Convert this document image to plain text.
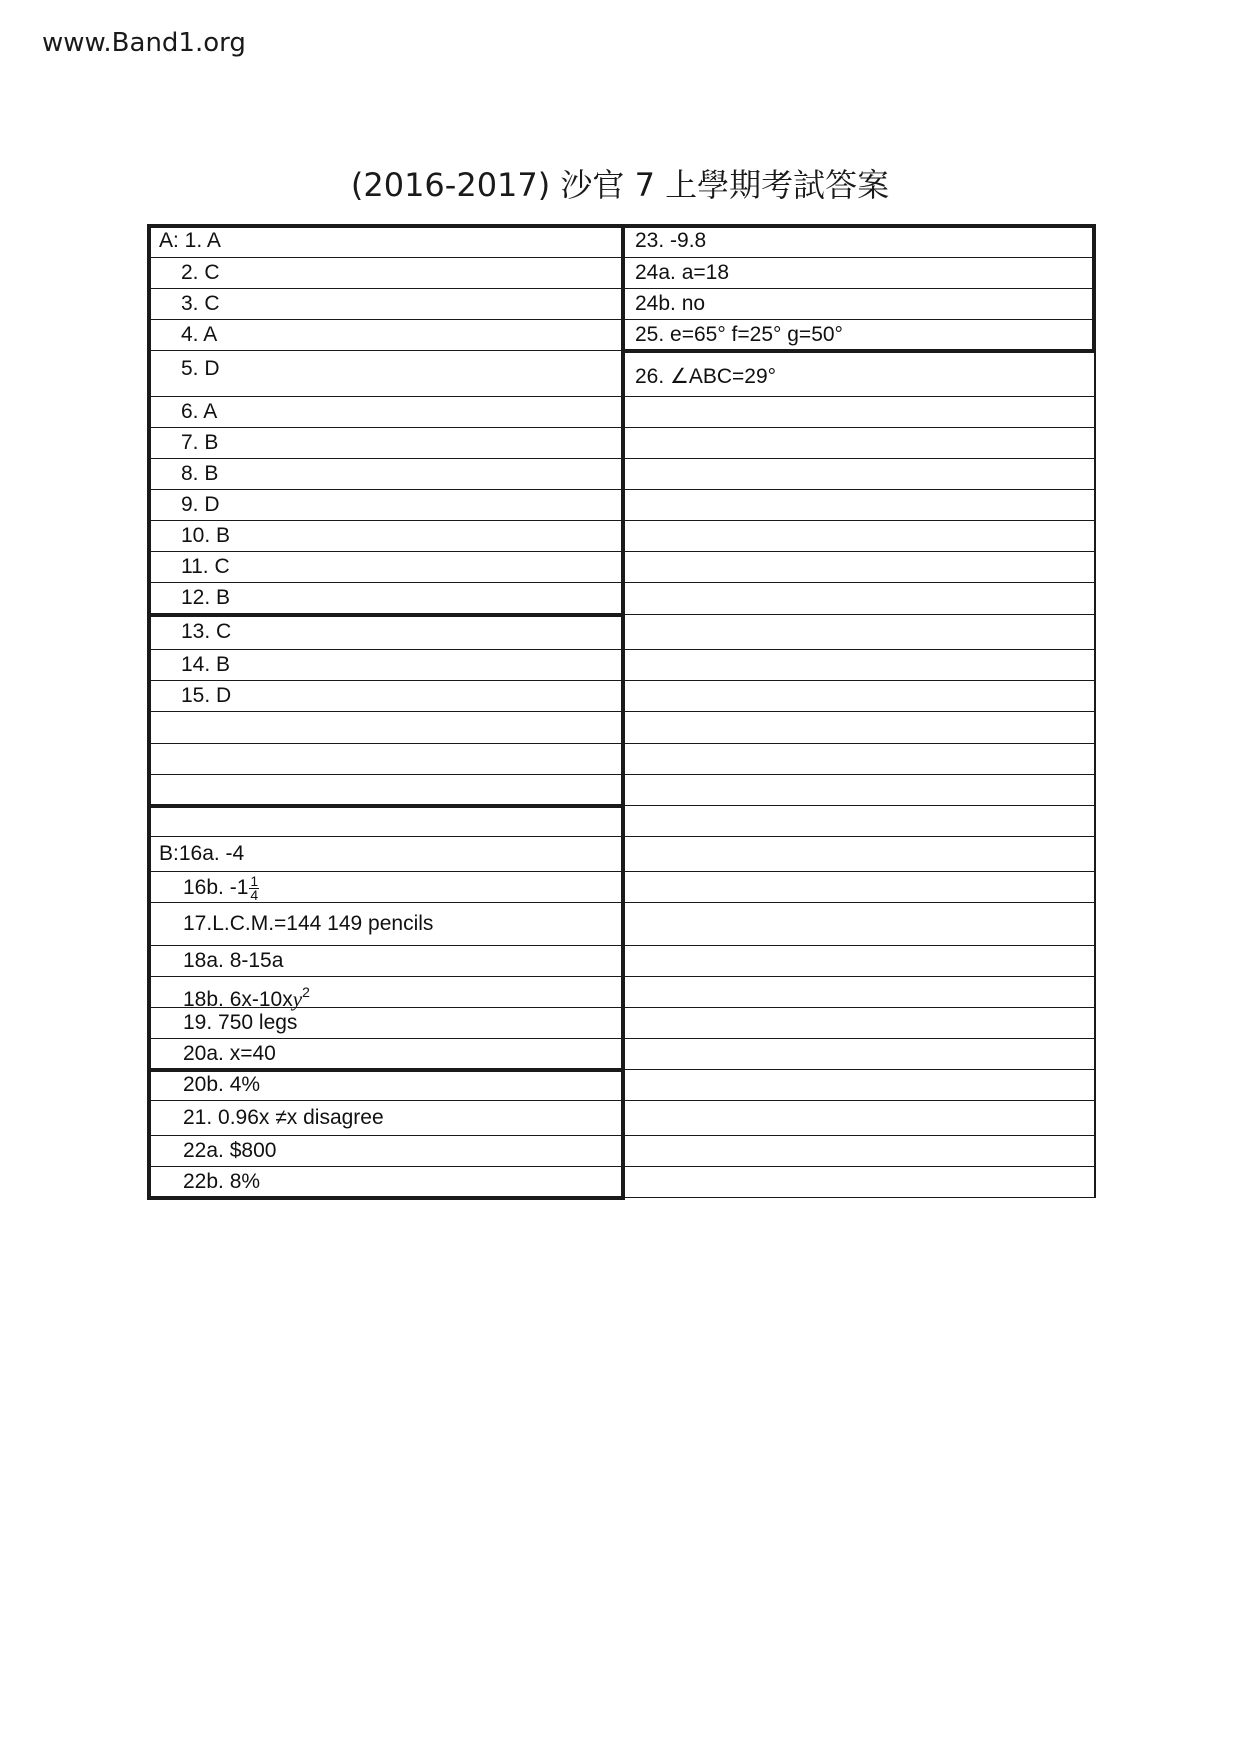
www.Band1.org
(2016-2017) 沙官 7 上學期考試答案
A: 1. A
2. C
3. C
4. A
5. D
6. A
7. B
8. B
9. D
10. B
11. C
12. B
13. C
14. B
15. D
B:16a. -4
16b. $-1 \frac{1}{4}$
17.L.C.M.=144 149 pencils
18a. 8-15a
18b. $6x-10xy^2$
19. 750 legs
20a. x=40
20b. 4%
21. 0.96x ≠x disagree
22a. $800
22b. 8%
23. -9.8
24a. a=18
24b. no
25. e=65° f=25° g=50°
26. ∠ABC=29°
